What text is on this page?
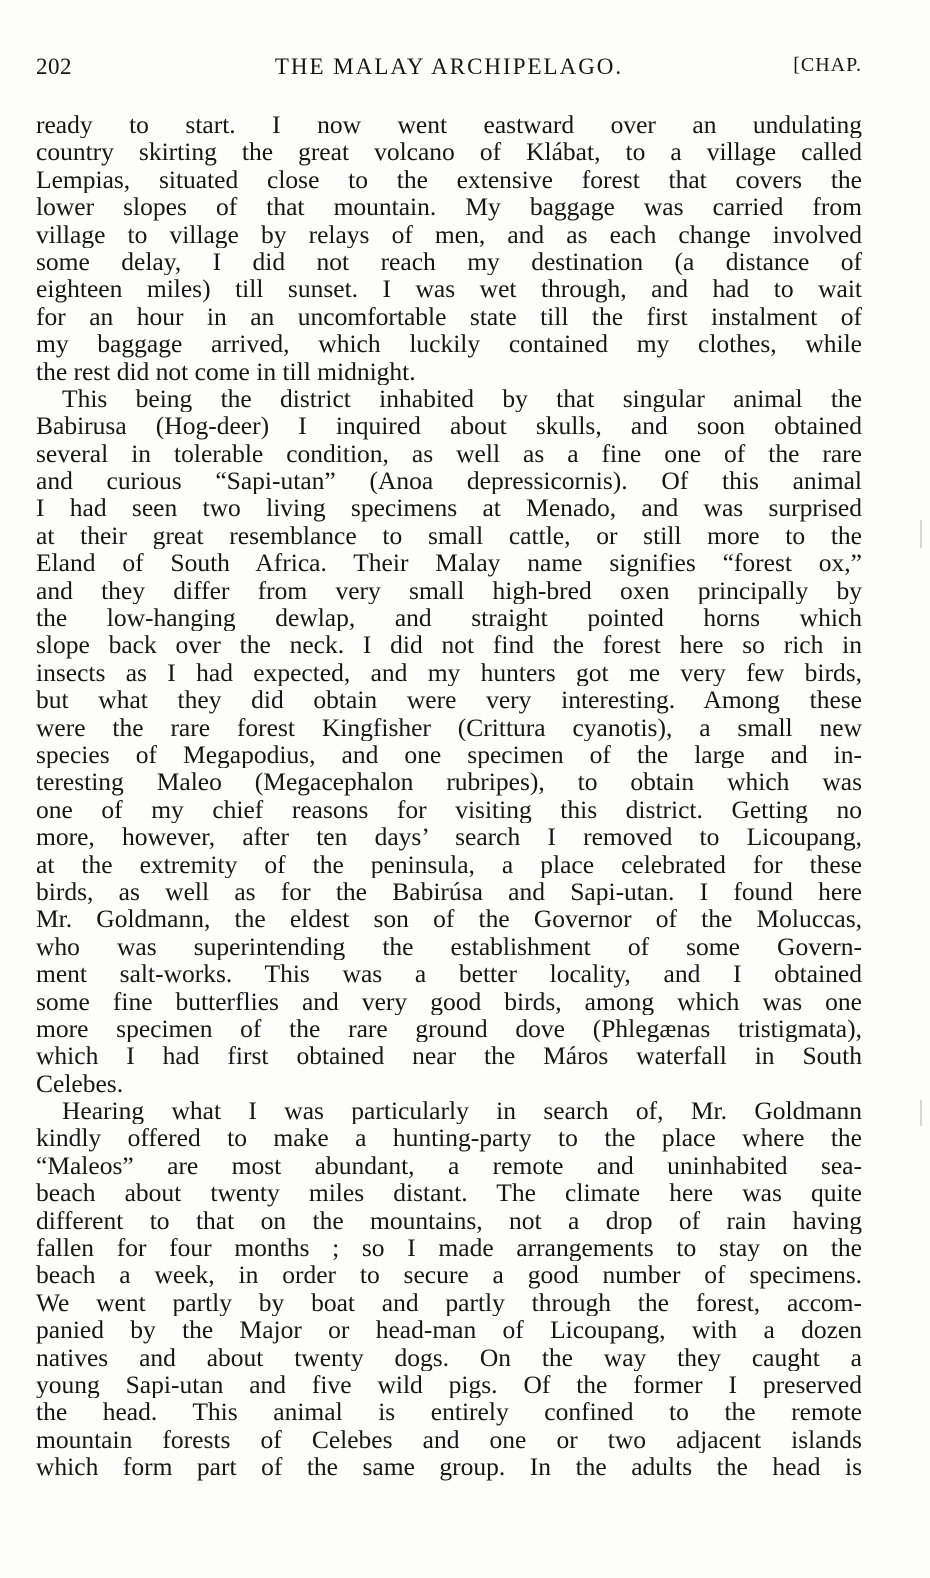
202	THE MALAY ARCHIPELAGO.	[CHAP.
ready to start. I now went eastward over an undulating
country skirting the great volcano of Klábat, to a village called
Lempias, situated close to the extensive forest that covers the
lower slopes of that mountain. My baggage was carried from
village to village by relays of men, and as each change involved
some delay, I did not reach my destination (a distance of
eighteen miles) till sunset. I was wet through, and had to wait
for an hour in an uncomfortable state till the first instalment of
my baggage arrived, which luckily contained my clothes, while
the rest did not come in till midnight.
This being the district inhabited by that singular animal the
Babirusa (Hog-deer) I inquired about skulls, and soon obtained
several in tolerable condition, as well as a fine one of the rare
and curious “Sapi-utan” (Anoa depressicornis). Of this animal
I had seen two living specimens at Menado, and was surprised
at their great resemblance to small cattle, or still more to the
Eland of South Africa. Their Malay name signifies “forest ox,”
and they differ from very small high-bred oxen principally by
the low-hanging dewlap, and straight pointed horns which
slope back over the neck. I did not find the forest here so rich in
insects as I had expected, and my hunters got me very few birds,
but what they did obtain were very interesting. Among these
were the rare forest Kingfisher (Crittura cyanotis), a small new
species of Megapodius, and one specimen of the large and in-
teresting Maleo (Megacephalon rubripes), to obtain which was
one of my chief reasons for visiting this district. Getting no
more, however, after ten days’ search I removed to Licoupang,
at the extremity of the peninsula, a place celebrated for these
birds, as well as for the Babirúsa and Sapi-utan. I found here
Mr. Goldmann, the eldest son of the Governor of the Moluccas,
who was superintending the establishment of some Govern-
ment salt-works. This was a better locality, and I obtained
some fine butterflies and very good birds, among which was one
more specimen of the rare ground dove (Phlegænas tristigmata),
which I had first obtained near the Máros waterfall in South
Celebes.
Hearing what I was particularly in search of, Mr. Goldmann
kindly offered to make a hunting-party to the place where the
“Maleos” are most abundant, a remote and uninhabited sea-
beach about twenty miles distant. The climate here was quite
different to that on the mountains, not a drop of rain having
fallen for four months ; so I made arrangements to stay on the
beach a week, in order to secure a good number of specimens.
We went partly by boat and partly through the forest, accom-
panied by the Major or head-man of Licoupang, with a dozen
natives and about twenty dogs. On the way they caught a
young Sapi-utan and five wild pigs. Of the former I preserved
the head. This animal is entirely confined to the remote
mountain forests of Celebes and one or two adjacent islands
which form part of the same group. In the adults the head is
